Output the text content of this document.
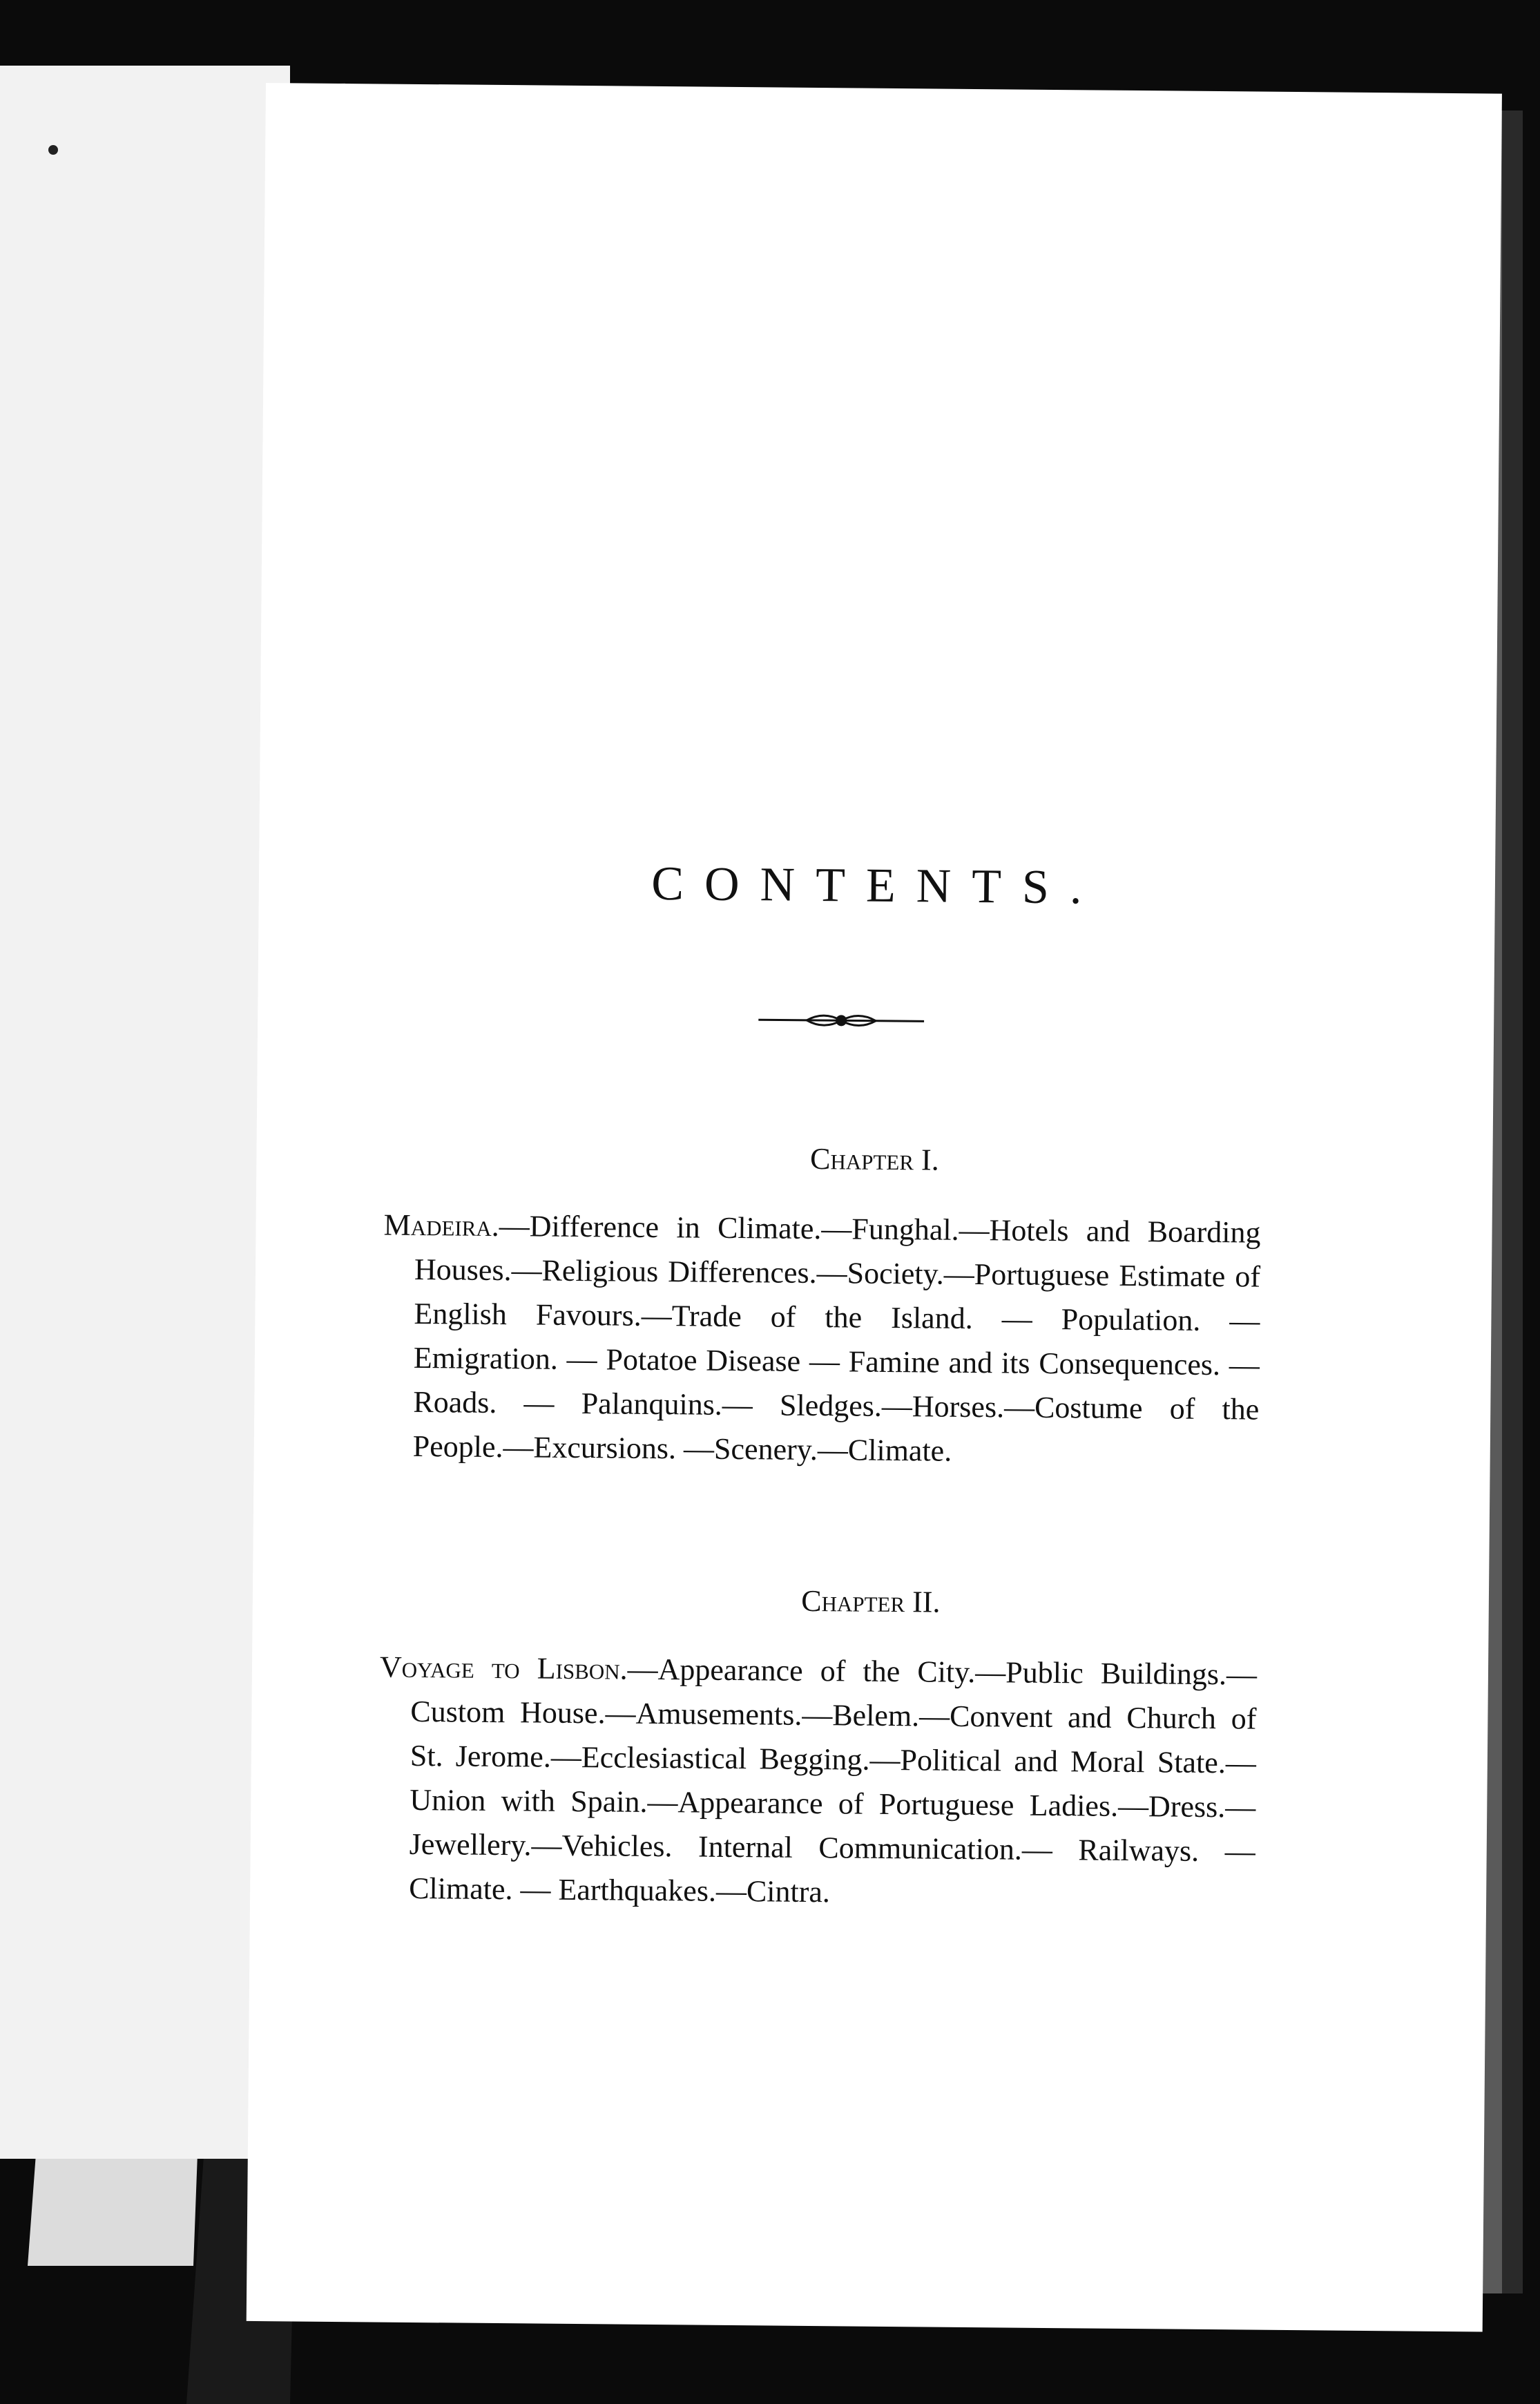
CONTENTS.
Chapter I.

Madeira.—Difference in Climate.—Funghal.—Hotels and Boarding Houses.—Religious Differences.—Society.—Portuguese Estimate of English Favours.—Trade of the Island. — Population. — Emigration. — Potatoe Disease — Famine and its Consequences. — Roads. — Palanquins.— Sledges.—Horses.—Costume of the People.—Excursions. —Scenery.—Climate.

Chapter II.

Voyage to Lisbon.—Appearance of the City.—Public Buildings.—Custom House.—Amusements.—Belem.—Convent and Church of St. Jerome.—Ecclesiastical Begging.—Political and Moral State.—Union with Spain.—Appearance of Portuguese Ladies.—Dress.—Jewellery.—Vehicles. Internal Communication.— Railways. — Climate. — Earthquakes.—Cintra.
